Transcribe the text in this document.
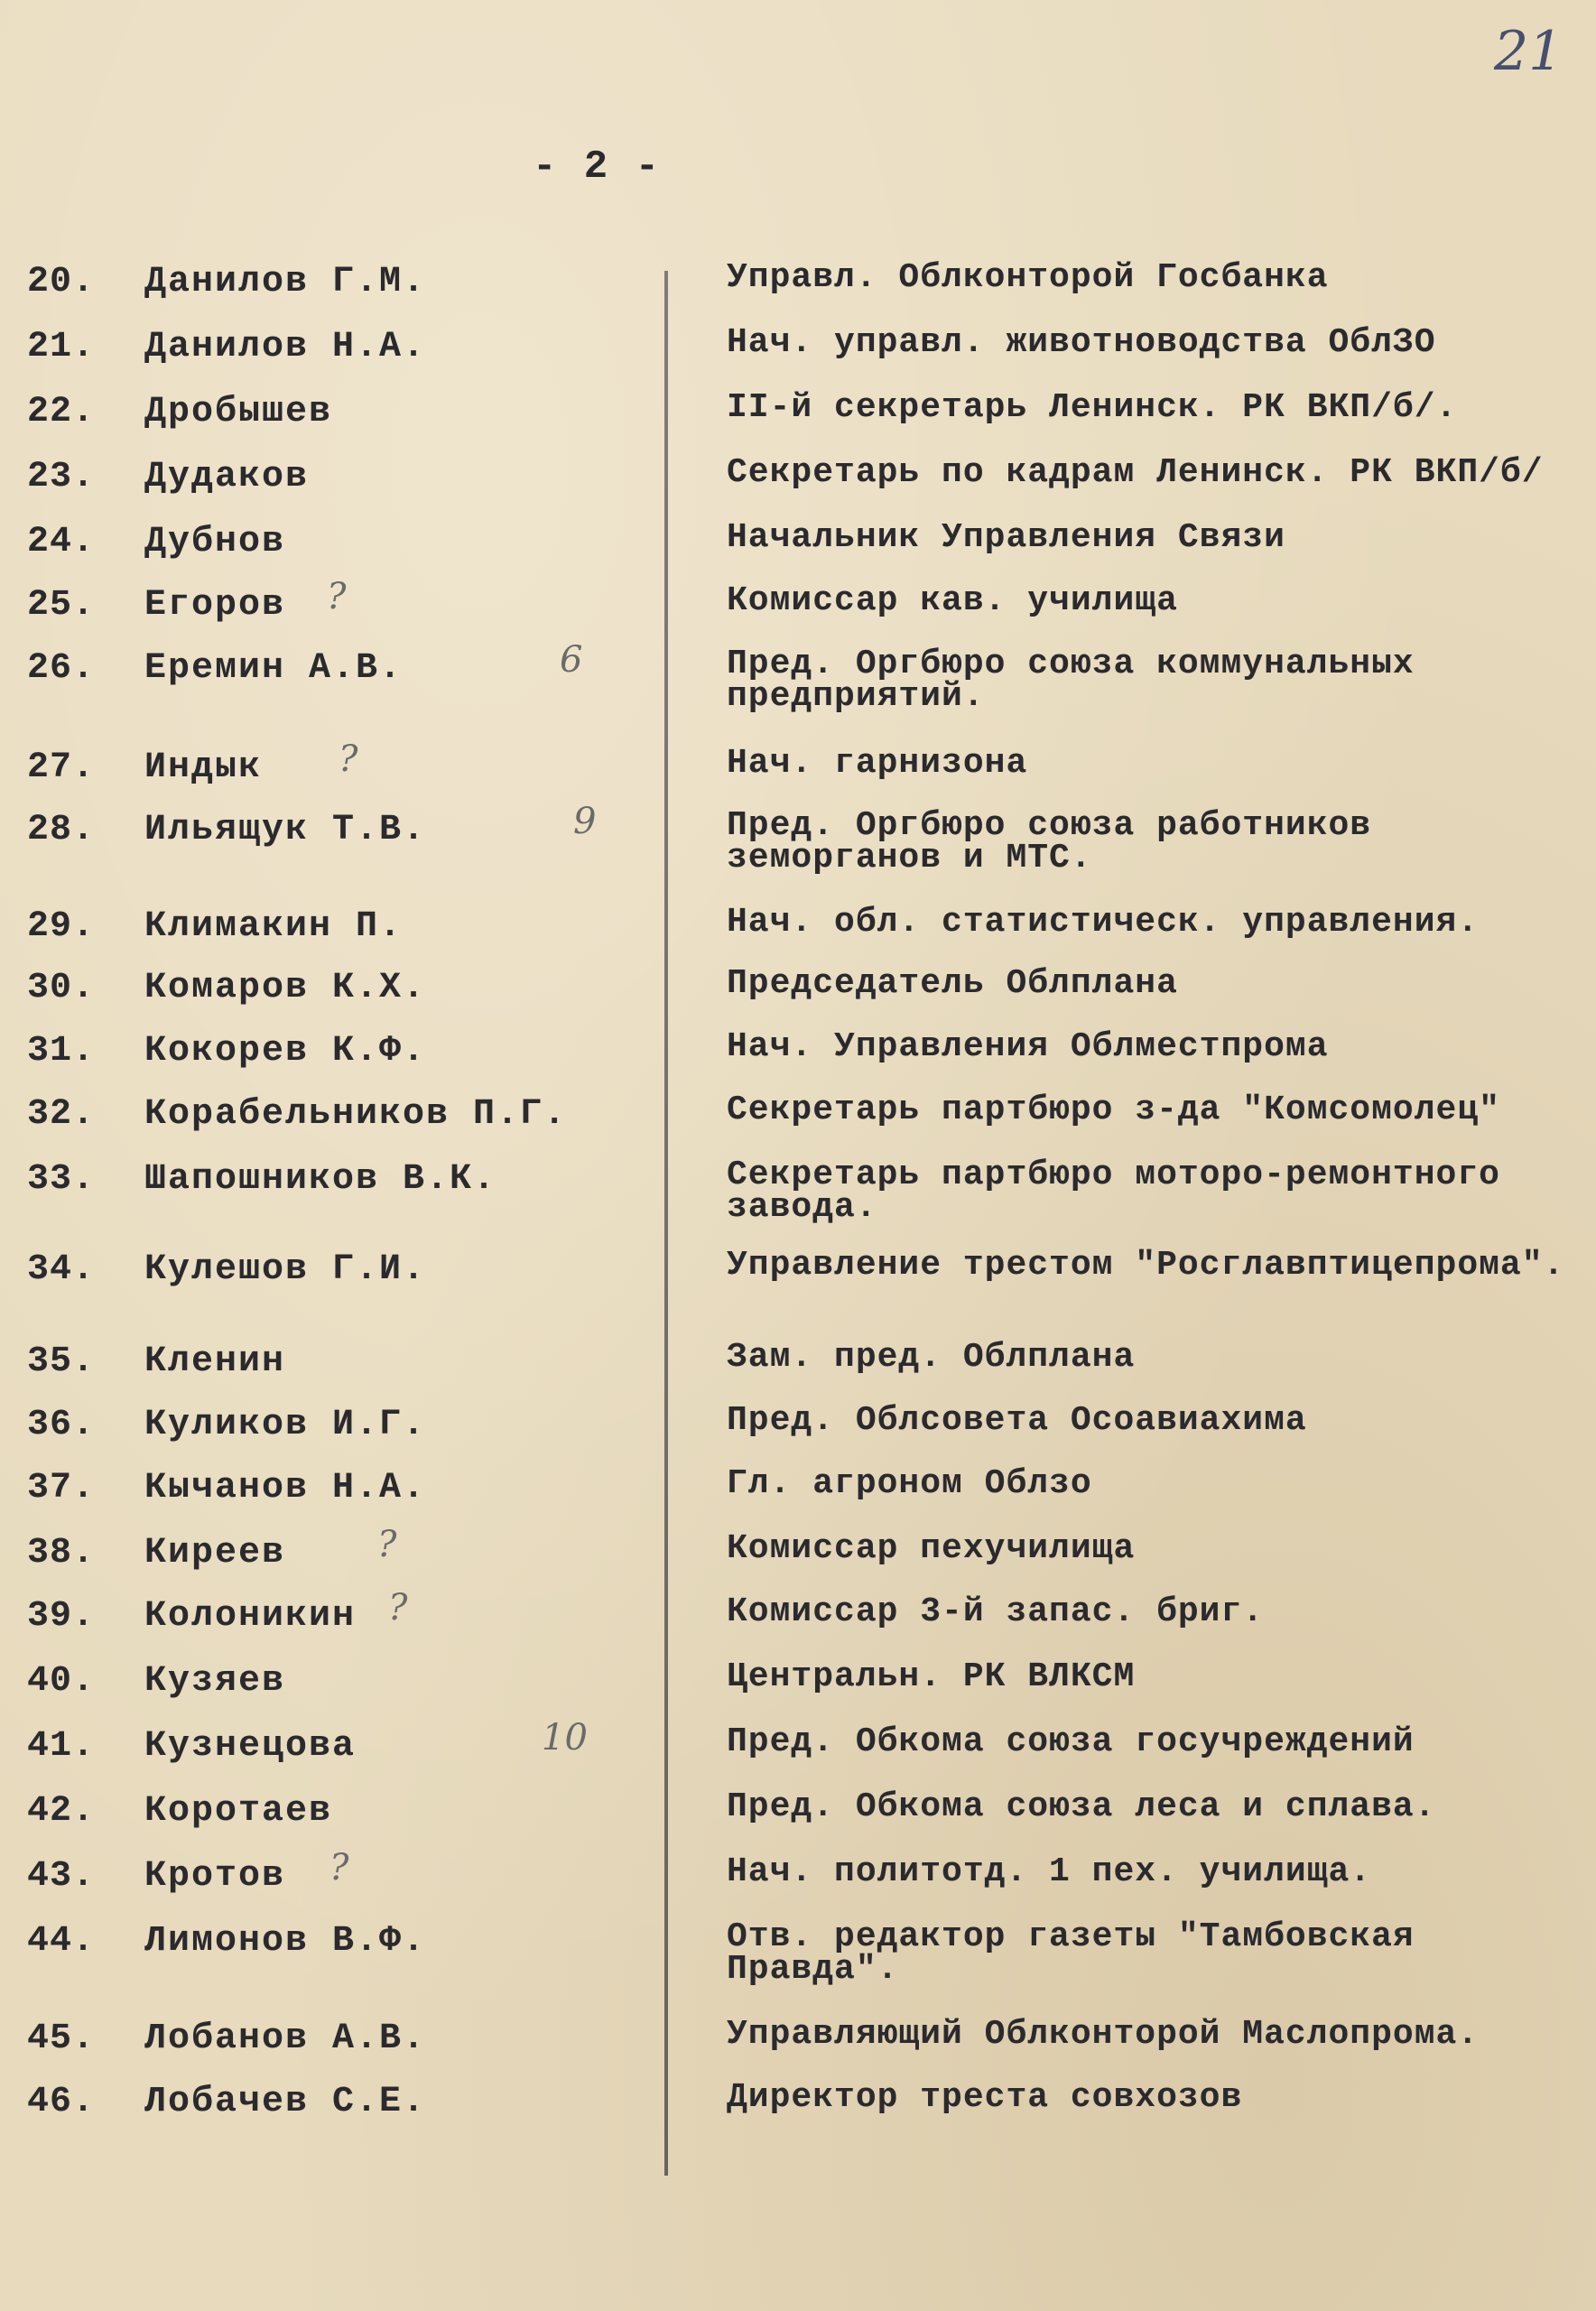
21
- 2 -
20. Данилов Г.М.	Управл. Облконторой Госбанка
21. Данилов Н.А.	Нач. управл. животноводства ОблЗО
22. Дробышев	II-й секретарь Ленинск. РК ВКП/б/.
23. Дудаков	Секретарь по кадрам Ленинск. РК ВКП/б/
24. Дубнов	Начальник Управления Связи
25. Егоров ?	Комиссар кав. училища
26. Еремин А.В.	6	Пред. Оргбюро союза коммунальных предприятий.
27. Индык ?	Нач. гарнизона
28. Ильящук Т.В.	9	Пред. Оргбюро союза работников земорганов и МТС.
29. Климакин П.	Нач. обл. статистическ. управления.
30. Комаров К.Х.	Председатель Облплана
31. Кокорев К.Ф.	Нач. Управления Облместпрома
32. Корабельников П.Г.	Секретарь партбюро з-да "Комсомолец"
33. Шапошников В.К.	Секретарь партбюро моторо-ремонтного завода.
34. Кулешов Г.И.	Управление трестом "Росглавптицепрома".
35. Кленин	Зам. пред. Облплана
36. Куликов И.Г.	Пред. Облсовета Осоавиахима
37. Кычанов Н.А.	Гл. агроном Облзо
38. Киреев	?	Комиссар пехучилища
39. Колоникин ?	Комиссар 3-й запас. бриг.
40. Кузяев	Центральн. РК ВЛКСМ
41. Кузнецова	10	Пред. Обкома союза госучреждений
42. Коротаев	Пред. Обкома союза леса и сплава.
43. Кротов ?	Нач. политотд. 1 пех. училища.
44. Лимонов В.Ф.	Отв. редактор газеты "Тамбовская Правда".
45. Лобанов А.В.	Управляющий Облконторой Маслопрома.
46. Лобачев С.Е.	Директор треста совхозов
